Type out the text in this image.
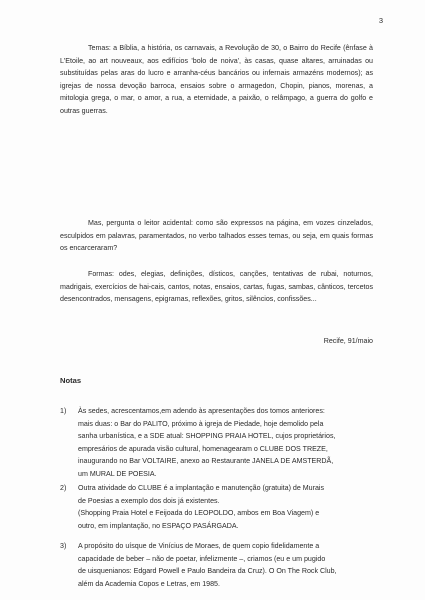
3

Temas: a Bíblia, a história, os carnavais, a Revolução de 30, o Bairro do Recife (ênfase à L'Etoile, ao art nouveaux, aos edifícios 'bolo de noiva', às casas, quase altares, arruinadas ou substituídas pelas aras do lucro e arranha-céus bancários ou infernais armazéns modernos); as igrejas de nossa devoção barroca, ensaios sobre o armagedon, Chopin, pianos, morenas, a mitologia grega, o mar, o amor, a rua, a eternidade, a paixão, o relâmpago, a guerra do golfo e outras guerras.

Mas, pergunta o leitor acidental: como são expressos na página, em vozes cinzelados, esculpidos em palavras, paramentados, no verbo talhados esses temas, ou seja, em quais formas os encarceraram?

Formas: odes, elegias, definições, dísticos, canções, tentativas de rubai, noturnos, madrigais, exercícios de hai-cais, cantos, notas, ensaios, cartas, fugas, sambas, cânticos, tercetos desencontrados, mensagens, epigramas, reflexões, gritos, silêncios, confissões...

Recife, 91/maio
Notas
1) Às sedes, acrescentamos,em adendo às apresentações dos tomos anteriores:
mais duas: o Bar do PALITO, próximo à igreja de Piedade, hoje demolido pela
sanha urbanística, e a SDE atual: SHOPPING PRAIA HOTEL, cujos proprietários,
empresários de apurada visão cultural, homenagearam o CLUBE DOS TREZE,
inaugurando no Bar VOLTAIRE, anexo ao Restaurante JANELA DE AMSTERDÃ,
um MURAL DE POESIA.
2) Outra atividade do CLUBE é a implantação e manutenção (gratuita) de Murais
de Poesias a exemplo dos dois já existentes.
(Shopping Praia Hotel e Feijoada do LEOPOLDO, ambos em Boa Viagem) e
outro, em implantação, no ESPAÇO PASÁRGADA.
3) A propósito do uísque de Vinícius de Moraes, de quem copio fidelidamente a
capacidade de beber – não de poetar, infelizmente –, criamos (eu e um pugido
de uisquenianos: Edgard Powell e Paulo Bandeira da Cruz). O On The Rock Club,
além da Academia Copos e Letras, em 1985.
